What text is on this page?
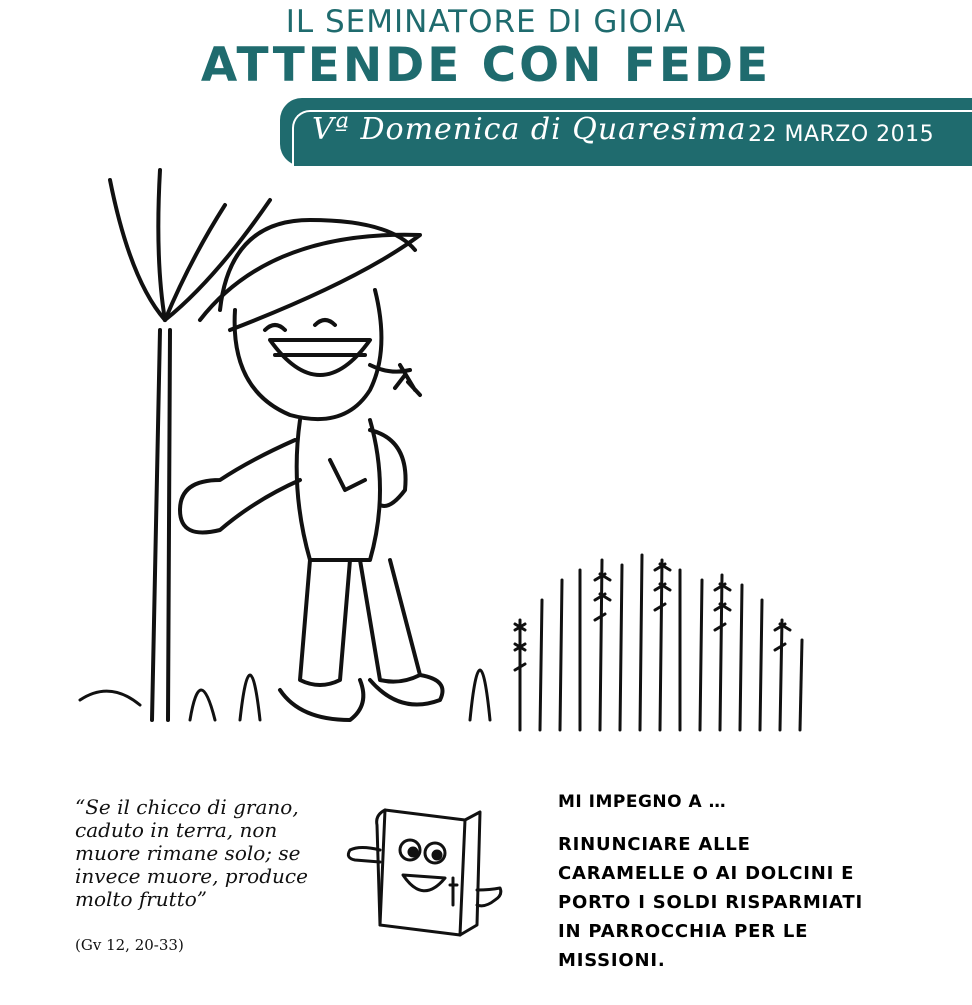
IL SEMINATORE DI GIOIA
ATTENDE CON FEDE
Vª Domenica di Quaresima 22 MARZO 2015
“Se il chicco di grano, caduto in terra, non muore rimane solo; se invece muore, produce molto frutto”
(Gv 12, 20-33)
MI IMPEGNO A …
RINUNCIARE ALLE CARAMELLE O AI DOLCINI E PORTO I SOLDI RISPARMIATI IN PARROCCHIA PER LE MISSIONI.
